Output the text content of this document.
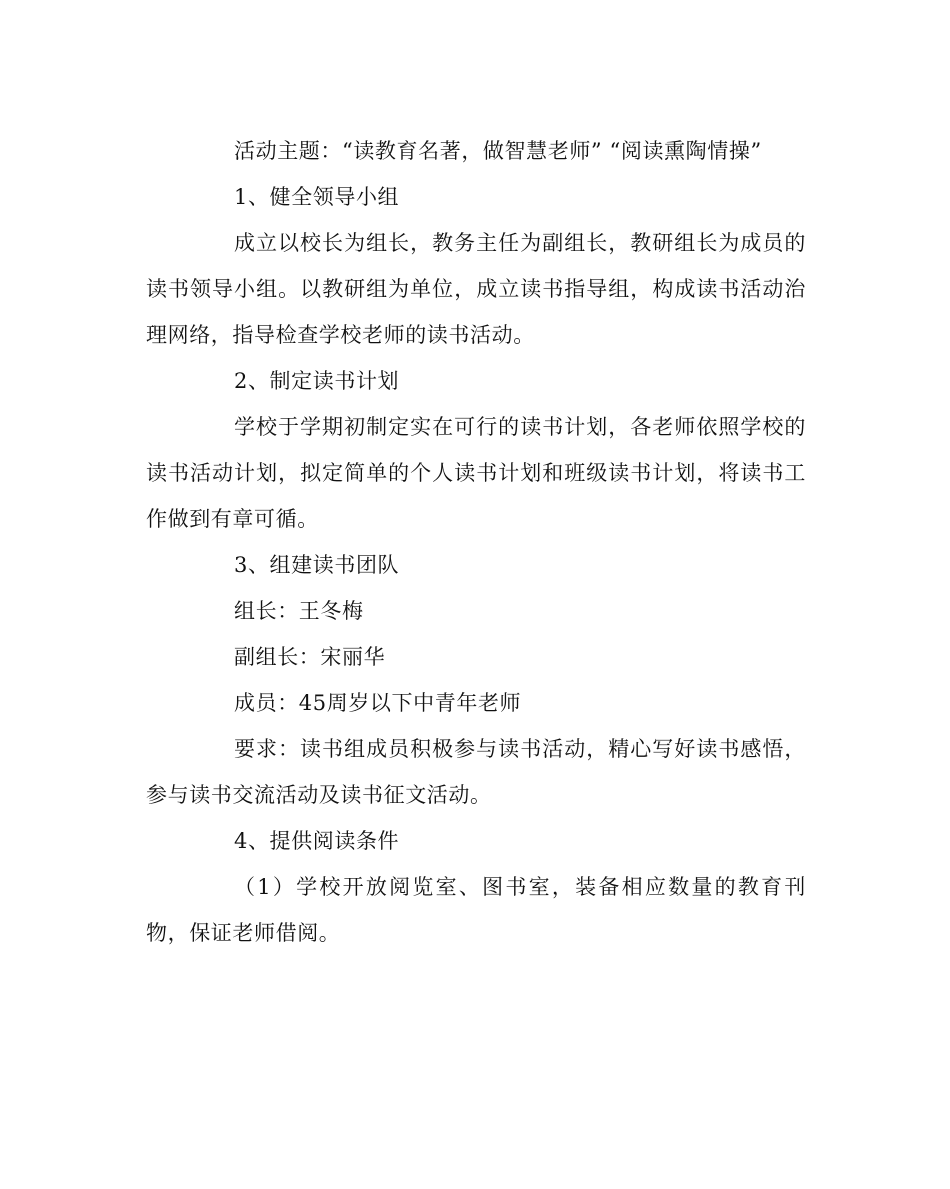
活动主题：“读教育名著，做智慧老师” “阅读熏陶情操”

1、健全领导小组

成立以校长为组长，教务主任为副组长，教研组长为成员的读书领导小组。以教研组为单位，成立读书指导组，构成读书活动治理网络，指导检查学校老师的读书活动。

2、制定读书计划

学校于学期初制定实在可行的读书计划，各老师依照学校的读书活动计划，拟定简单的个人读书计划和班级读书计划，将读书工作做到有章可循。

3、组建读书团队

组长：王冬梅

副组长：宋丽华

成员：45周岁以下中青年老师

要求：读书组成员积极参与读书活动，精心写好读书感悟，参与读书交流活动及读书征文活动。

4、提供阅读条件

（1）学校开放阅览室、图书室，装备相应数量的教育刊物，保证老师借阅。
